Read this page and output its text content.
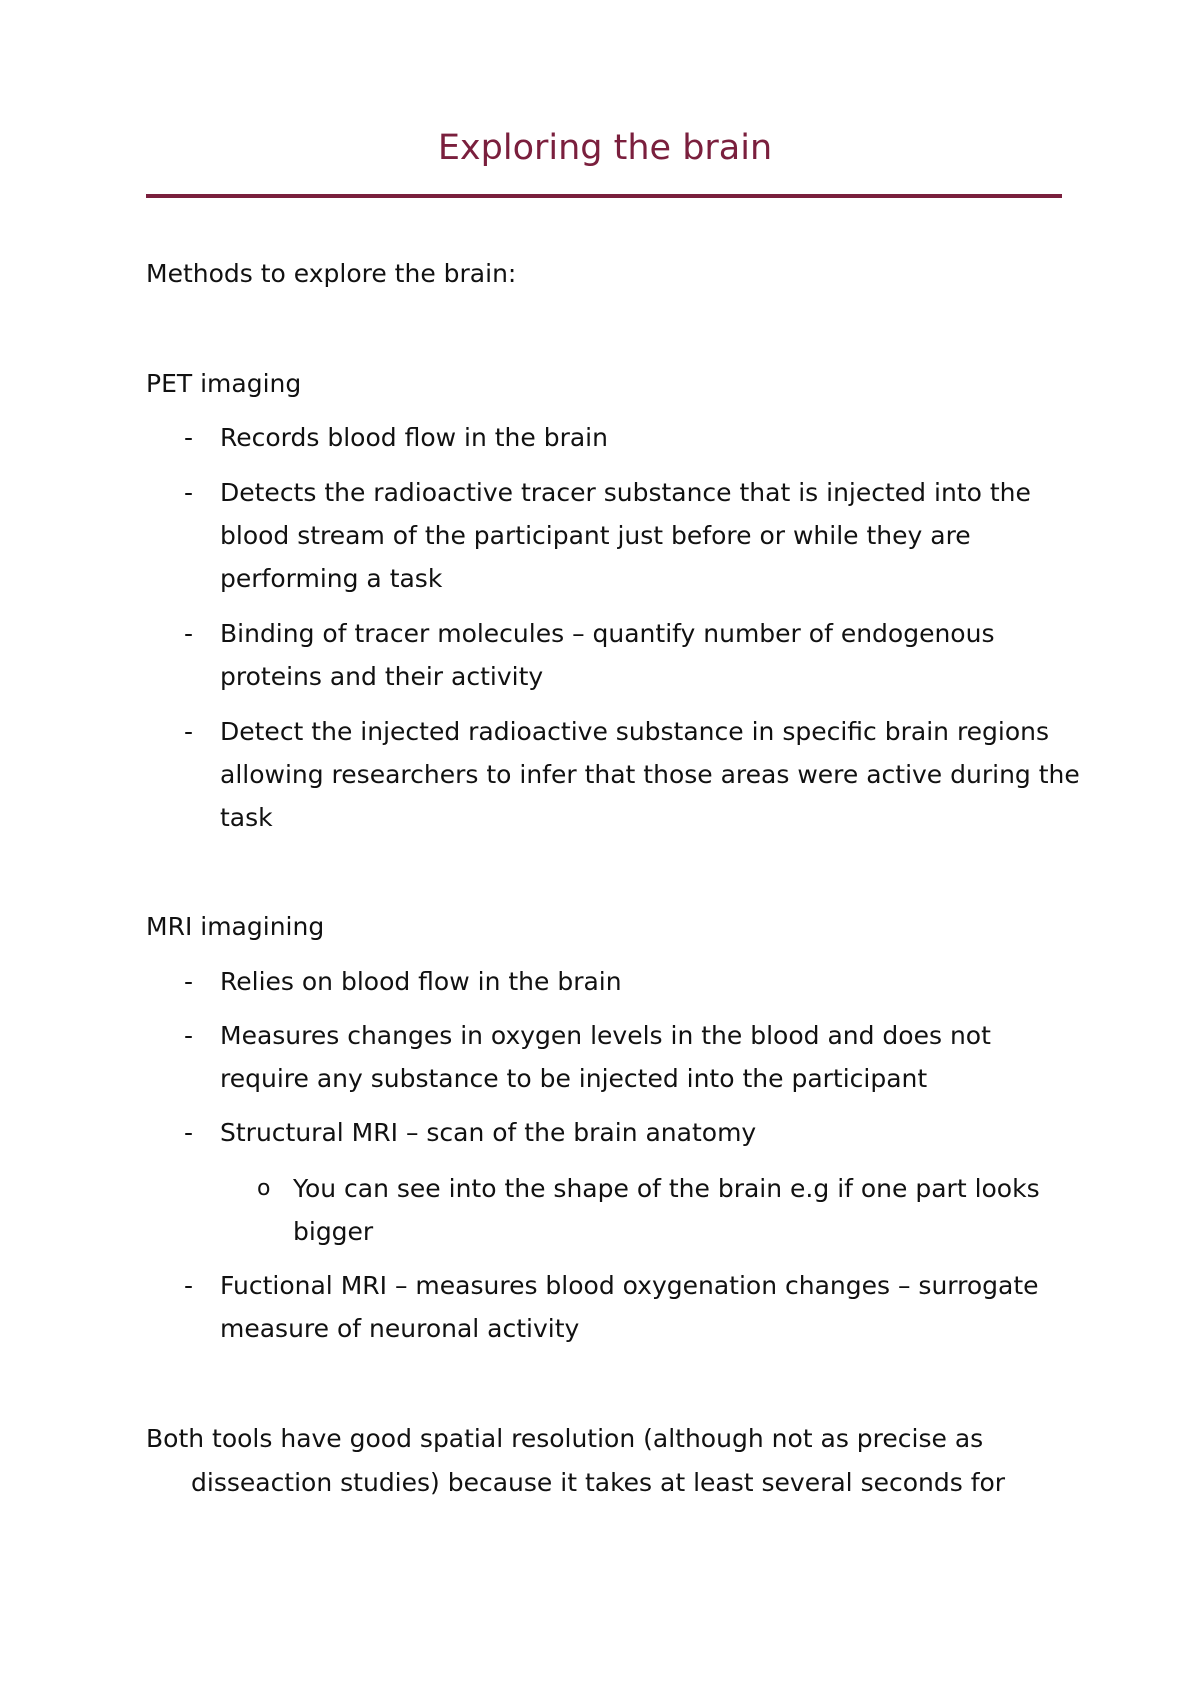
Exploring the brain
Methods to explore the brain:
PET imaging
- Records blood flow in the brain
- Detects the radioactive tracer substance that is injected into the blood stream of the participant just before or while they are performing a task
- Binding of tracer molecules – quantify number of endogenous proteins and their activity
- Detect the injected radioactive substance in specific brain regions allowing researchers to infer that those areas were active during the task
MRI imagining
- Relies on blood flow in the brain
- Measures changes in oxygen levels in the blood and does not require any substance to be injected into the participant
- Structural MRI – scan of the brain anatomy
o You can see into the shape of the brain e.g if one part looks bigger
- Fuctional MRI – measures blood oxygenation changes – surrogate measure of neuronal activity
Both tools have good spatial resolution (although not as precise as
disseaction studies) because it takes at least several seconds for
